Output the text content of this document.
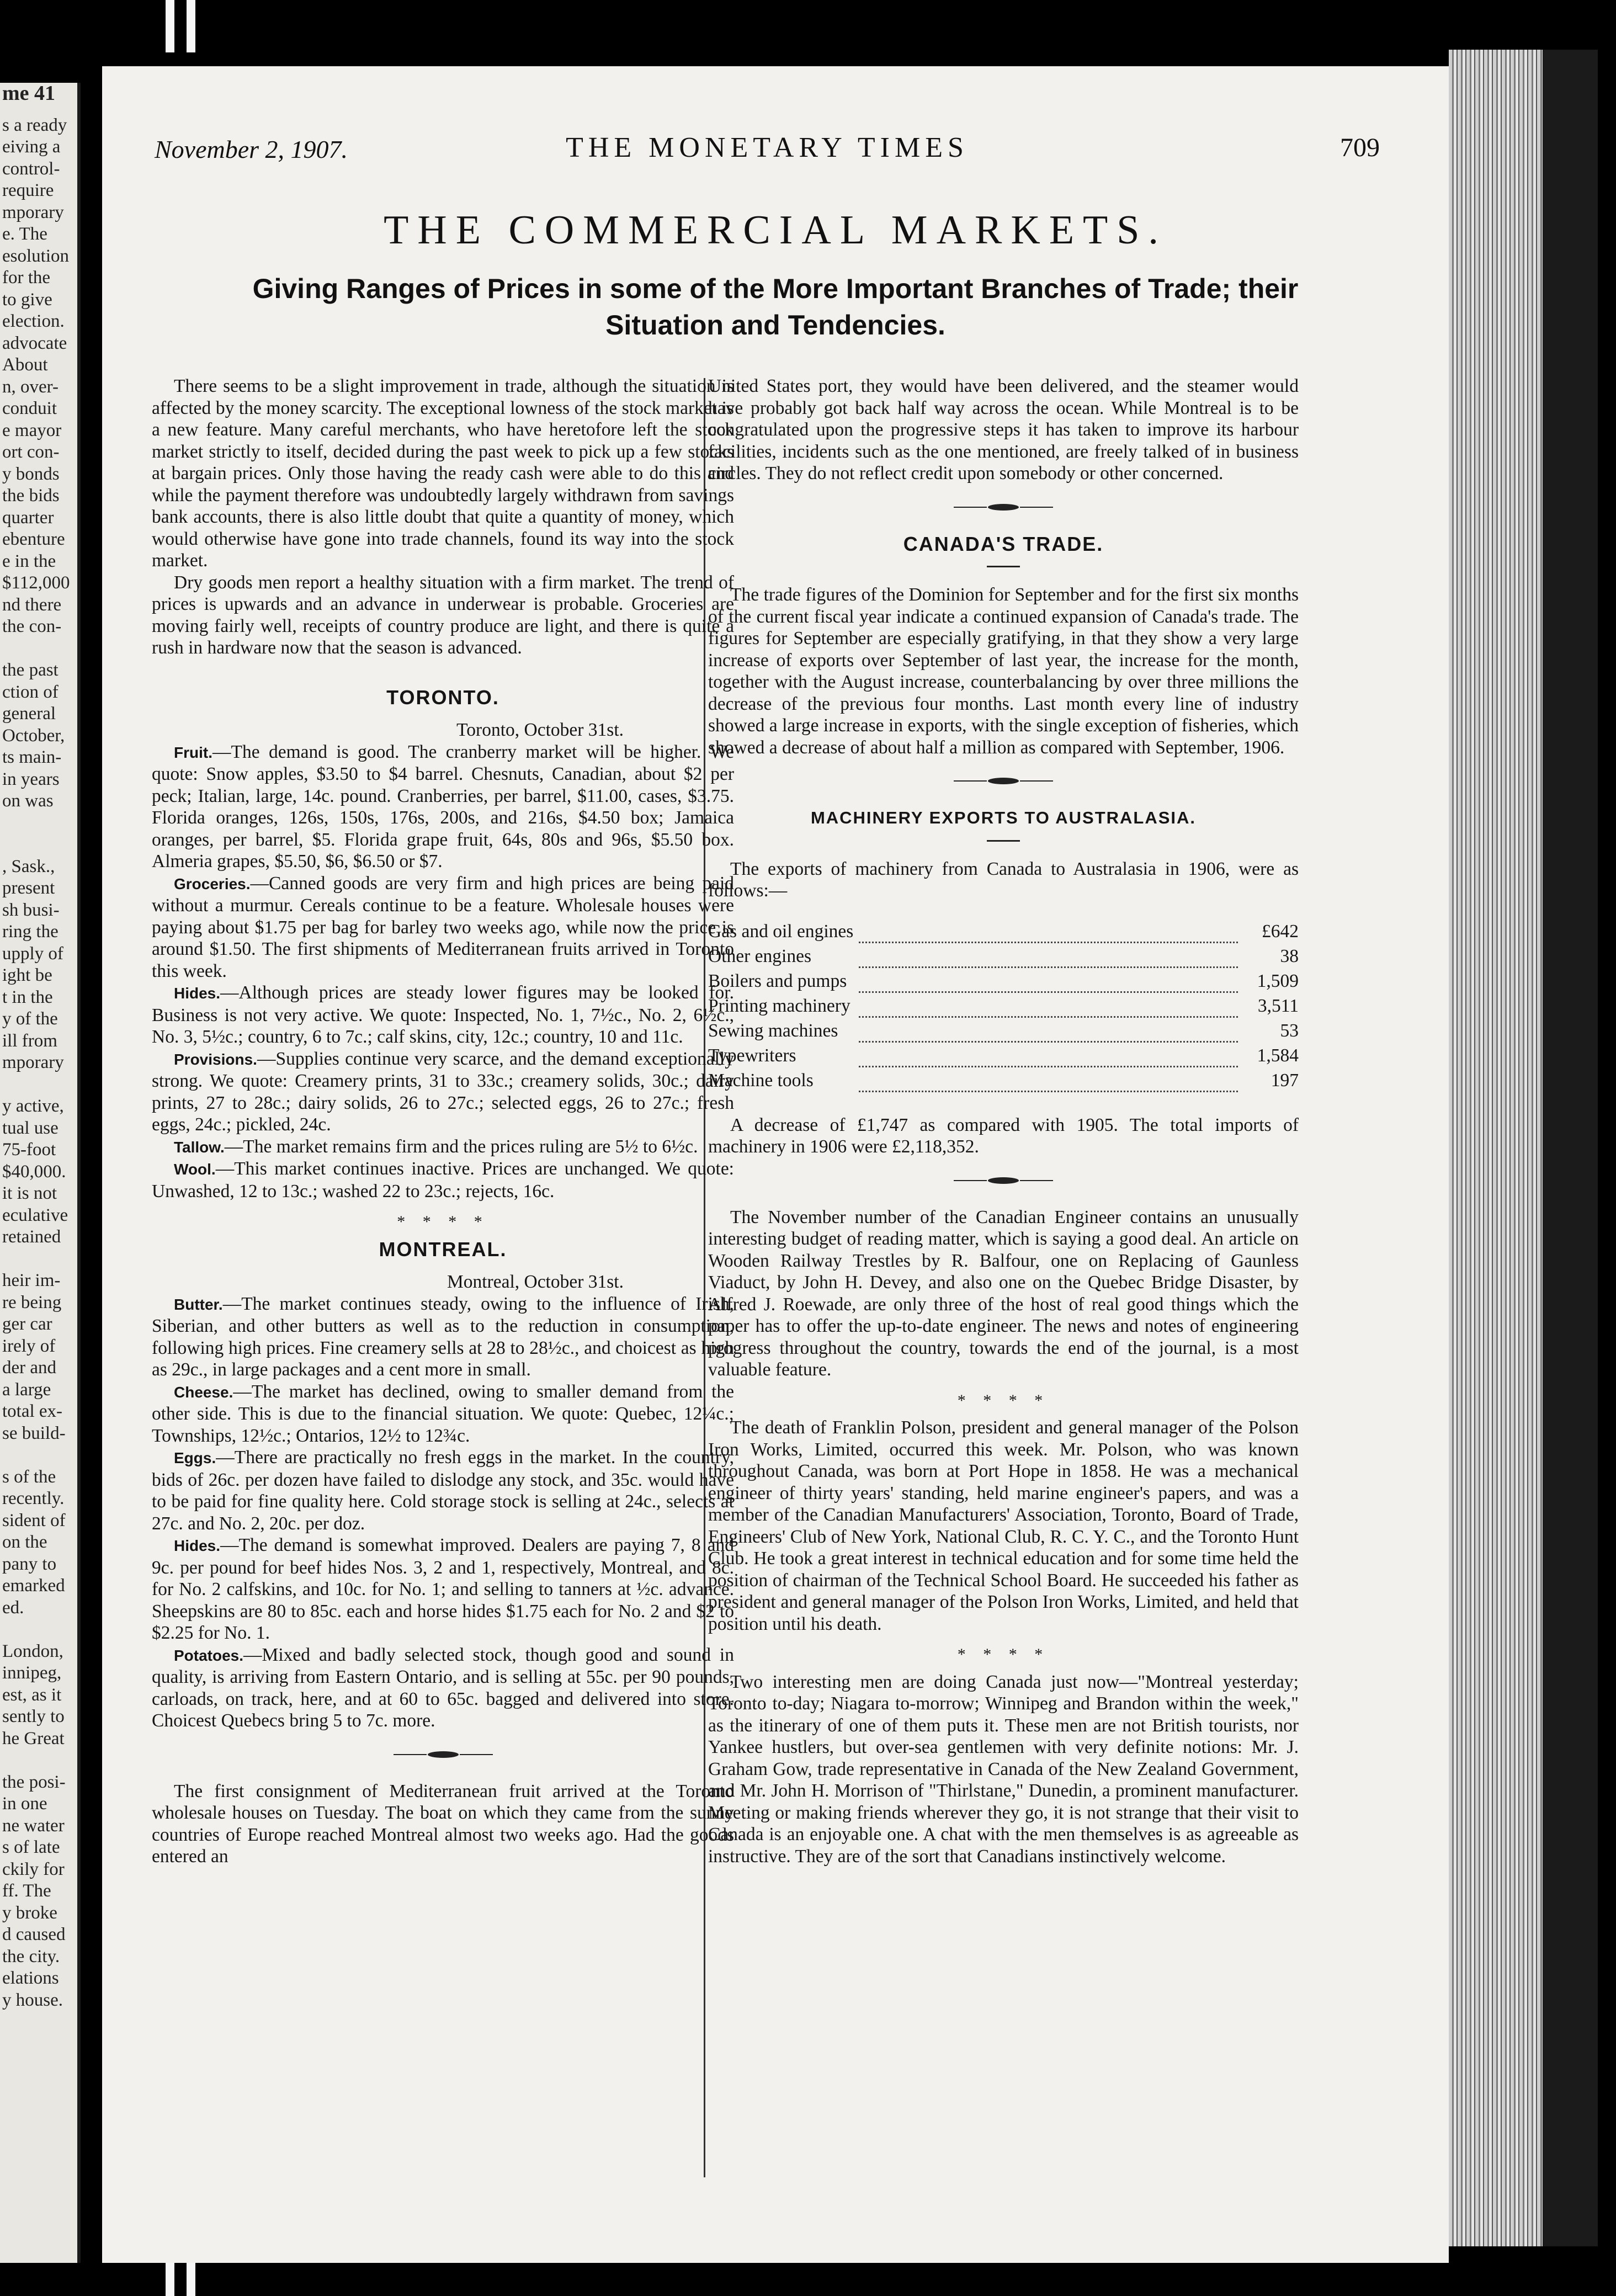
me 41
s a ready
eiving a
control-
require
mporary
e. The
esolution
for the
to give
election.
advocate
About
n, over-
conduit
e mayor
ort con-
y bonds
the bids
quarter
ebenture
e in the
$112,000
nd there
the con-

the past
ction of
general
October,
ts main-
in years
on was

, Sask.,
present
sh busi-
ring the
upply of
ight be
t in the
y of the
ill from
mporary

y active,
tual use
75-foot
$40,000.
it is not
eculative
retained

heir im-
re being
ger car
irely of
der and
a large
total ex-
se build-

s of the
recently.
sident of
on the
pany to
emarked
ed.

London,
innipeg,
est, as it
sently to
he Great

the posi-
in one
ne water
s of late
ckily for
ff. The
y broke
d caused
the city.
elations
y house.
November 2, 1907.	THE MONETARY TIMES	709
THE COMMERCIAL MARKETS.
Giving Ranges of Prices in some of the More Important Branches of Trade; their Situation and Tendencies.

There seems to be a slight improvement in trade, although the situation is affected by the money scarcity. The exceptional lowness of the stock market is a new feature. Many careful merchants, who have heretofore left the stock market strictly to itself, decided during the past week to pick up a few stocks at bargain prices. Only those having the ready cash were able to do this and while the payment therefore was undoubtedly largely withdrawn from savings bank accounts, there is also little doubt that quite a quantity of money, which would otherwise have gone into trade channels, found its way into the stock market.

Dry goods men report a healthy situation with a firm market. The trend of prices is upwards and an advance in underwear is probable. Groceries are moving fairly well, receipts of country produce are light, and there is quite a rush in hardware now that the season is advanced.

TORONTO.
Toronto, October 31st.

Fruit.—The demand is good. The cranberry market will be higher. We quote: Snow apples, $3.50 to $4 barrel. Chesnuts, Canadian, about $2 per peck; Italian, large, 14c. pound. Cranberries, per barrel, $11.00, cases, $3.75. Florida oranges, 126s, 150s, 176s, 200s, and 216s, $4.50 box; Jamaica oranges, per barrel, $5. Florida grape fruit, 64s, 80s and 96s, $5.50 box. Almeria grapes, $5.50, $6, $6.50 or $7.

Groceries.—Canned goods are very firm and high prices are being paid without a murmur. Cereals continue to be a feature. Wholesale houses were paying about $1.75 per bag for barley two weeks ago, while now the price is around $1.50. The first shipments of Mediterranean fruits arrived in Toronto this week.

Hides.—Although prices are steady lower figures may be looked for. Business is not very active. We quote: Inspected, No. 1, 7½c., No. 2, 6½c., No. 3, 5½c.; country, 6 to 7c.; calf skins, city, 12c.; country, 10 and 11c.

Provisions.—Supplies continue very scarce, and the demand exceptionally strong. We quote: Creamery prints, 31 to 33c.; creamery solids, 30c.; dairy prints, 27 to 28c.; dairy solids, 26 to 27c.; selected eggs, 26 to 27c.; fresh eggs, 24c.; pickled, 24c.

Tallow.—The market remains firm and the prices ruling are 5½ to 6½c.

Wool.—This market continues inactive. Prices are unchanged. We quote: Unwashed, 12 to 13c.; washed 22 to 23c.; rejects, 16c.

* * * *
MONTREAL.
Montreal, October 31st.

Butter.—The market continues steady, owing to the influence of Irish, Siberian, and other butters as well as to the reduction in consumption, following high prices. Fine creamery sells at 28 to 28½c., and choicest as high as 29c., in large packages and a cent more in small.

Cheese.—The market has declined, owing to smaller demand from the other side. This is due to the financial situation. We quote: Quebec, 12¼c.; Townships, 12½c.; Ontarios, 12½ to 12¾c.

Eggs.—There are practically no fresh eggs in the market. In the country, bids of 26c. per dozen have failed to dislodge any stock, and 35c. would have to be paid for fine quality here. Cold storage stock is selling at 24c., selects at 27c. and No. 2, 20c. per doz.

Hides.—The demand is somewhat improved. Dealers are paying 7, 8 and 9c. per pound for beef hides Nos. 3, 2 and 1, respectively, Montreal, and 8c. for No. 2 calfskins, and 10c. for No. 1; and selling to tanners at ½c. advance. Sheepskins are 80 to 85c. each and horse hides $1.75 each for No. 2 and $2 to $2.25 for No. 1.

Potatoes.—Mixed and badly selected stock, though good and sound in quality, is arriving from Eastern Ontario, and is selling at 55c. per 90 pounds, carloads, on track, here, and at 60 to 65c. bagged and delivered into store. Choicest Quebecs bring 5 to 7c. more.

The first consignment of Mediterranean fruit arrived at the Toronto wholesale houses on Tuesday. The boat on which they came from the sunny countries of Europe reached Montreal almost two weeks ago. Had the goods entered an

United States port, they would have been delivered, and the steamer would have probably got back half way across the ocean. While Montreal is to be congratulated upon the progressive steps it has taken to improve its harbour facilities, incidents such as the one mentioned, are freely talked of in business circles. They do not reflect credit upon somebody or other concerned.

CANADA'S TRADE.

The trade figures of the Dominion for September and for the first six months of the current fiscal year indicate a continued expansion of Canada's trade. The figures for September are especially gratifying, in that they show a very large increase of exports over September of last year, the increase for the month, together with the August increase, counterbalancing by over three millions the decrease of the previous four months. Last month every line of industry showed a large increase in exports, with the single exception of fisheries, which showed a decrease of about half a million as compared with September, 1906.

MACHINERY EXPORTS TO AUSTRALASIA.

The exports of machinery from Canada to Australasia in 1906, were as follows:—

Gas and oil engines		£642
Other engines		38
Boilers and pumps		1,509
Printing machinery		3,511
Sewing machines		53
Typewriters		1,584
Machine tools		197

A decrease of £1,747 as compared with 1905. The total imports of machinery in 1906 were £2,118,352.

The November number of the Canadian Engineer contains an unusually interesting budget of reading matter, which is saying a good deal. An article on Wooden Railway Trestles by R. Balfour, one on Replacing of Gaunless Viaduct, by John H. Devey, and also one on the Quebec Bridge Disaster, by Alfred J. Roewade, are only three of the host of real good things which the paper has to offer the up-to-date engineer. The news and notes of engineering progress throughout the country, towards the end of the journal, is a most valuable feature.

* * * *

The death of Franklin Polson, president and general manager of the Polson Iron Works, Limited, occurred this week. Mr. Polson, who was known throughout Canada, was born at Port Hope in 1858. He was a mechanical engineer of thirty years' standing, held marine engineer's papers, and was a member of the Canadian Manufacturers' Association, Toronto, Board of Trade, Engineers' Club of New York, National Club, R. C. Y. C., and the Toronto Hunt Club. He took a great interest in technical education and for some time held the position of chairman of the Technical School Board. He succeeded his father as president and general manager of the Polson Iron Works, Limited, and held that position until his death.

* * * *

Two interesting men are doing Canada just now—"Montreal yesterday; Toronto to-day; Niagara to-morrow; Winnipeg and Brandon within the week," as the itinerary of one of them puts it. These men are not British tourists, nor Yankee hustlers, but over-sea gentlemen with very definite notions: Mr. J. Graham Gow, trade representative in Canada of the New Zealand Government, and Mr. John H. Morrison of "Thirlstane," Dunedin, a prominent manufacturer. Meeting or making friends wherever they go, it is not strange that their visit to Canada is an enjoyable one. A chat with the men themselves is as agreeable as instructive. They are of the sort that Canadians instinctively welcome.
